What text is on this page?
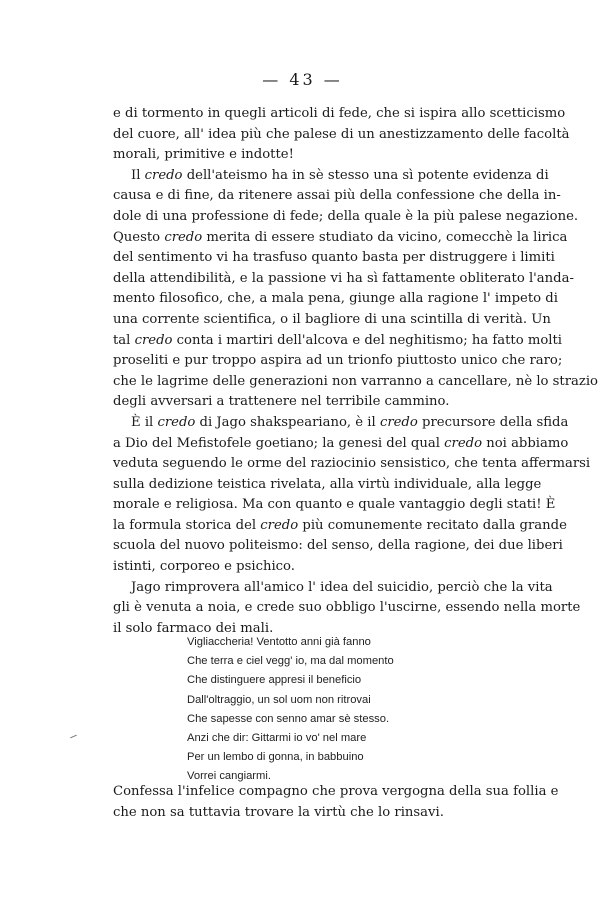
— 43 —

e di tormento in quegli articoli di fede, che si ispira allo scetticismo
del cuore, all' idea più che palese di un anestizzamento delle facoltà
morali, primitive e indotte!

Il credo dell'ateismo ha in sè stesso una sì potente evidenza di
causa e di fine, da ritenere assai più della confessione che della in-
dole di una professione di fede; della quale è la più palese negazione.
Questo credo merita di essere studiato da vicino, comecchè la lirica
del sentimento vi ha trasfuso quanto basta per distruggere i limiti
della attendibilità, e la passione vi ha sì fattamente obliterato l'anda-
mento filosofico, che, a mala pena, giunge alla ragione l' impeto di
una corrente scientifica, o il bagliore di una scintilla di verità. Un
tal credo conta i martiri dell'alcova e del neghitismo; ha fatto molti
proseliti e pur troppo aspira ad un trionfo piuttosto unico che raro;
che le lagrime delle generazioni non varranno a cancellare, nè lo strazio
degli avversari a trattenere nel terribile cammino.

È il credo di Jago shakspeariano, è il credo precursore della sfida
a Dio del Mefistofele goetiano; la genesi del qual credo noi abbiamo
veduta seguendo le orme del raziocinio sensistico, che tenta affermarsi
sulla dedizione teistica rivelata, alla virtù individuale, alla legge
morale e religiosa. Ma con quanto e quale vantaggio degli stati! È
la formula storica del credo più comunemente recitato dalla grande
scuola del nuovo politeismo: del senso, della ragione, dei due liberi
istinti, corporeo e psichico.

Jago rimprovera all'amico l' idea del suicidio, perciò che la vita
gli è venuta a noia, e crede suo obbligo l'uscirne, essendo nella morte
il solo farmaco dei mali.

Vigliaccheria! Ventotto anni già fanno
Che terra e ciel vegg' io, ma dal momento
Che distinguere appresi il beneficio
Dall'oltraggio, un sol uom non ritrovai
Che sapesse con senno amar sè stesso.
Anzi che dir: Gittarmi io vo' nel mare
Per un lembo di gonna, in babbuino
Vorrei cangiarmi.
Confessa l'infelice compagno che prova vergogna della sua follia e
che non sa tuttavia trovare la virtù che lo rinsavi.
